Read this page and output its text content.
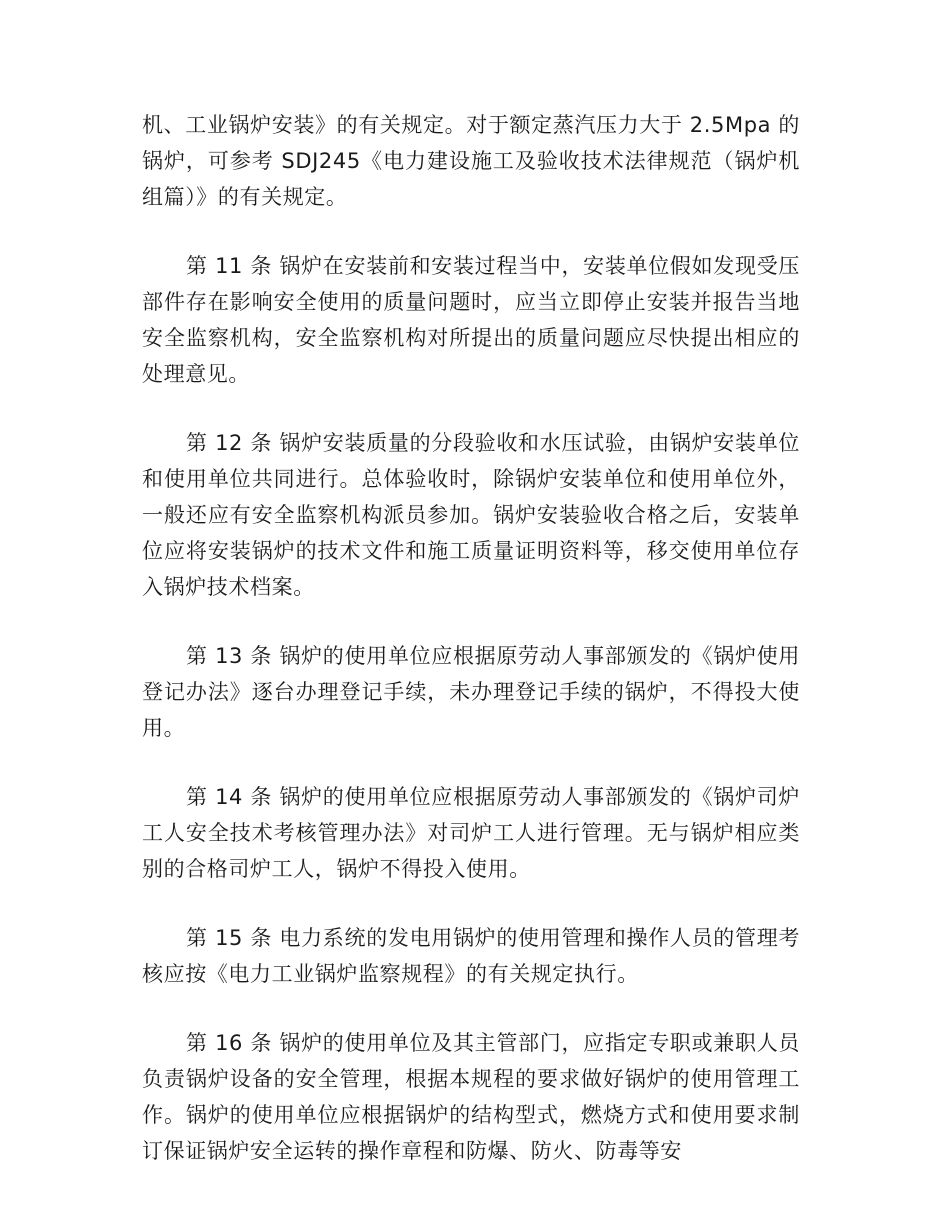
机、工业锅炉安装》的有关规定。对于额定蒸汽压力大于 2.5Mpa 的锅炉，可参考 SDJ245《电力建设施工及验收技术法律规范（锅炉机组篇）》的有关规定。

第 11 条 锅炉在安装前和安装过程当中，安装单位假如发现受压部件存在影响安全使用的质量问题时，应当立即停止安装并报告当地安全监察机构，安全监察机构对所提出的质量问题应尽快提出相应的处理意见。

第 12 条 锅炉安装质量的分段验收和水压试验，由锅炉安装单位和使用单位共同进行。总体验收时，除锅炉安装单位和使用单位外，一般还应有安全监察机构派员参加。锅炉安装验收合格之后，安装单位应将安装锅炉的技术文件和施工质量证明资料等，移交使用单位存入锅炉技术档案。

第 13 条 锅炉的使用单位应根据原劳动人事部颁发的《锅炉使用登记办法》逐台办理登记手续，未办理登记手续的锅炉，不得投大使用。

第 14 条 锅炉的使用单位应根据原劳动人事部颁发的《锅炉司炉工人安全技术考核管理办法》对司炉工人进行管理。无与锅炉相应类别的合格司炉工人，锅炉不得投入使用。

第 15 条 电力系统的发电用锅炉的使用管理和操作人员的管理考核应按《电力工业锅炉监察规程》的有关规定执行。

第 16 条 锅炉的使用单位及其主管部门，应指定专职或兼职人员负责锅炉设备的安全管理，根据本规程的要求做好锅炉的使用管理工作。锅炉的使用单位应根据锅炉的结构型式，燃烧方式和使用要求制订保证锅炉安全运转的操作章程和防爆、防火、防毒等安
